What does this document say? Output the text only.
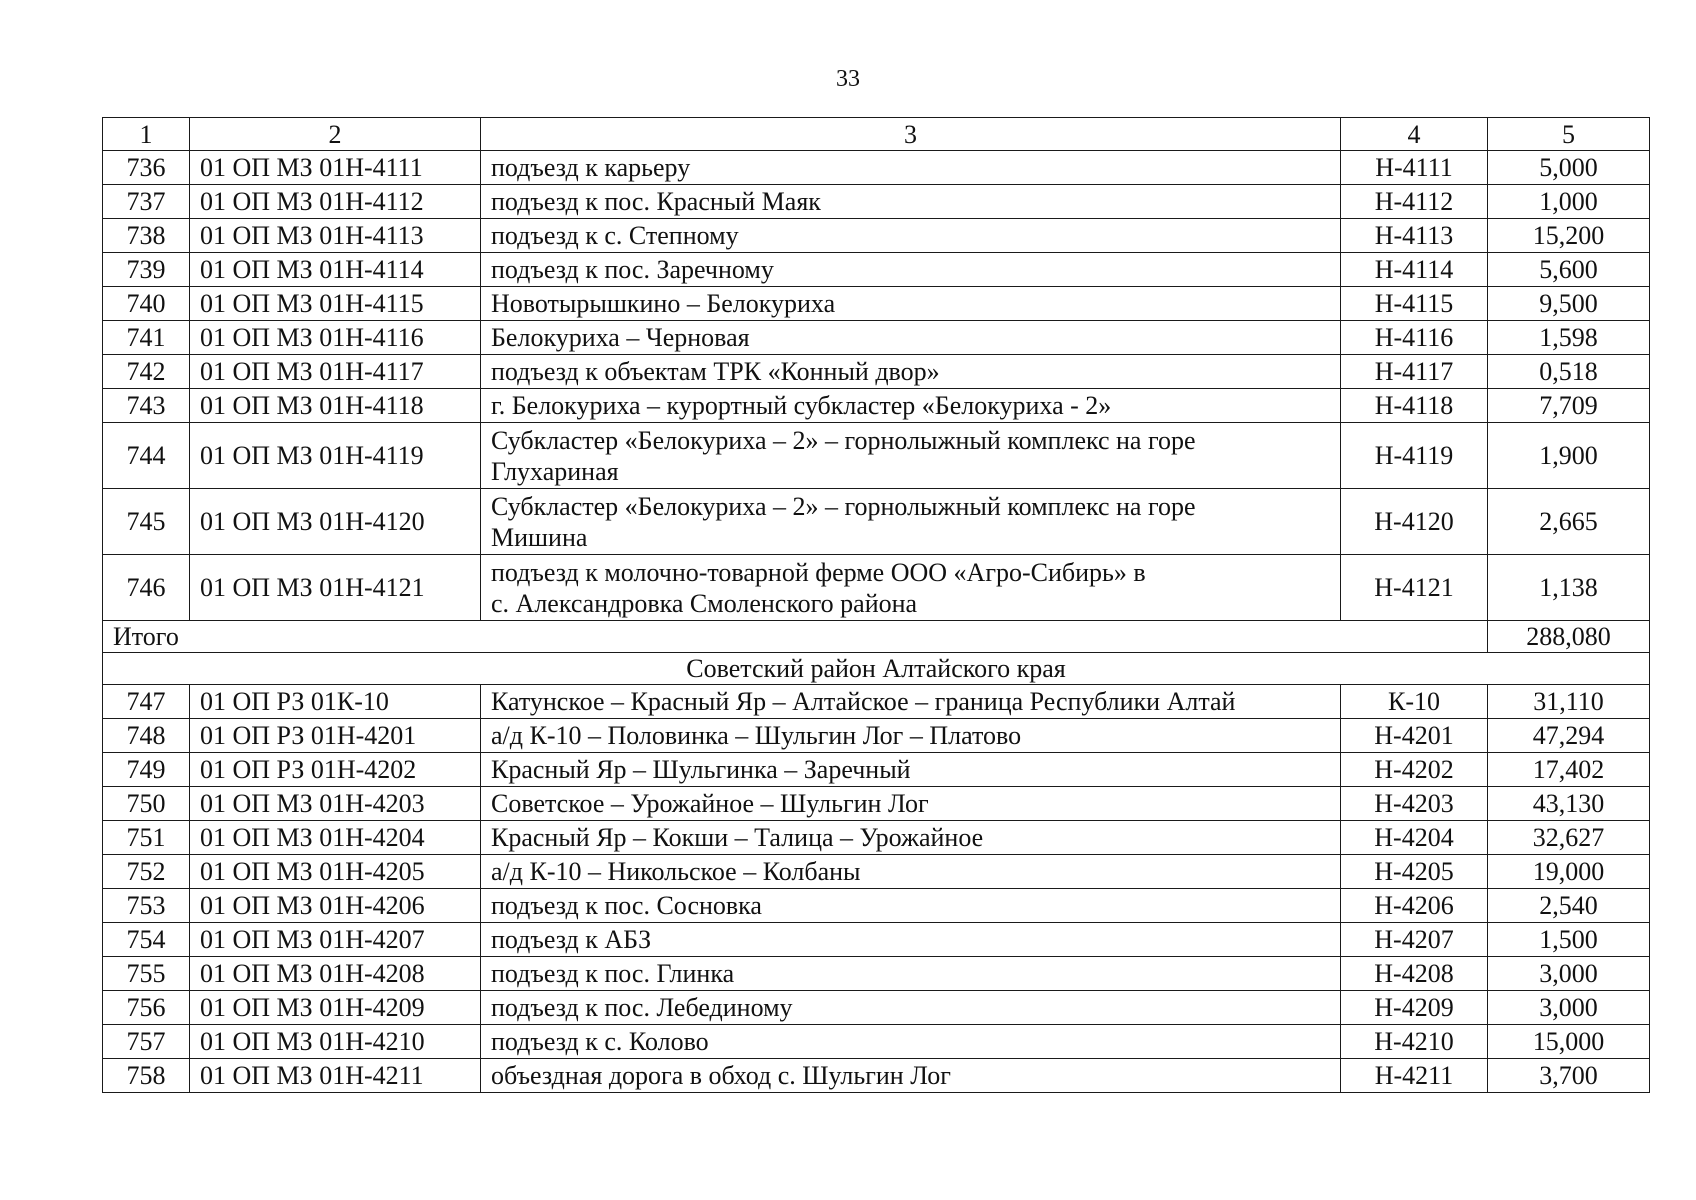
33
1	2	3	4	5
736	01 ОП МЗ 01Н-4111	подъезд к карьеру	Н-4111	5,000
737	01 ОП МЗ 01Н-4112	подъезд к пос. Красный Маяк	Н-4112	1,000
738	01 ОП МЗ 01Н-4113	подъезд к с. Степному	Н-4113	15,200
739	01 ОП МЗ 01Н-4114	подъезд к пос. Заречному	Н-4114	5,600
740	01 ОП МЗ 01Н-4115	Новотырышкино – Белокуриха	Н-4115	9,500
741	01 ОП МЗ 01Н-4116	Белокуриха – Черновая	Н-4116	1,598
742	01 ОП МЗ 01Н-4117	подъезд к объектам ТРК «Конный двор»	Н-4117	0,518
743	01 ОП МЗ 01Н-4118	г. Белокуриха – курортный субкластер «Белокуриха - 2»	Н-4118	7,709
744	01 ОП МЗ 01Н-4119	Субкластер «Белокуриха – 2» – горнолыжный комплекс на горе
Глухариная	Н-4119	1,900
745	01 ОП МЗ 01Н-4120	Субкластер «Белокуриха – 2» – горнолыжный комплекс на горе
Мишина	Н-4120	2,665
746	01 ОП МЗ 01Н-4121	подъезд к молочно-товарной ферме ООО «Агро-Сибирь» в
с. Александровка Смоленского района	Н-4121	1,138
Итого				288,080
Советский район Алтайского края				
747	01 ОП РЗ 01К-10	Катунское – Красный Яр – Алтайское – граница Республики Алтай	К-10	31,110
748	01 ОП РЗ 01Н-4201	а/д К-10 – Половинка – Шульгин Лог – Платово	Н-4201	47,294
749	01 ОП РЗ 01Н-4202	Красный Яр – Шульгинка – Заречный	Н-4202	17,402
750	01 ОП МЗ 01Н-4203	Советское – Урожайное – Шульгин Лог	Н-4203	43,130
751	01 ОП МЗ 01Н-4204	Красный Яр – Кокши – Талица – Урожайное	Н-4204	32,627
752	01 ОП МЗ 01Н-4205	а/д К-10 – Никольское – Колбаны	Н-4205	19,000
753	01 ОП МЗ 01Н-4206	подъезд к пос. Сосновка	Н-4206	2,540
754	01 ОП МЗ 01Н-4207	подъезд к АБЗ	Н-4207	1,500
755	01 ОП МЗ 01Н-4208	подъезд к пос. Глинка	Н-4208	3,000
756	01 ОП МЗ 01Н-4209	подъезд к пос. Лебединому	Н-4209	3,000
757	01 ОП МЗ 01Н-4210	подъезд к с. Колово	Н-4210	15,000
758	01 ОП МЗ 01Н-4211	объездная дорога в обход с. Шульгин Лог	Н-4211	3,700
